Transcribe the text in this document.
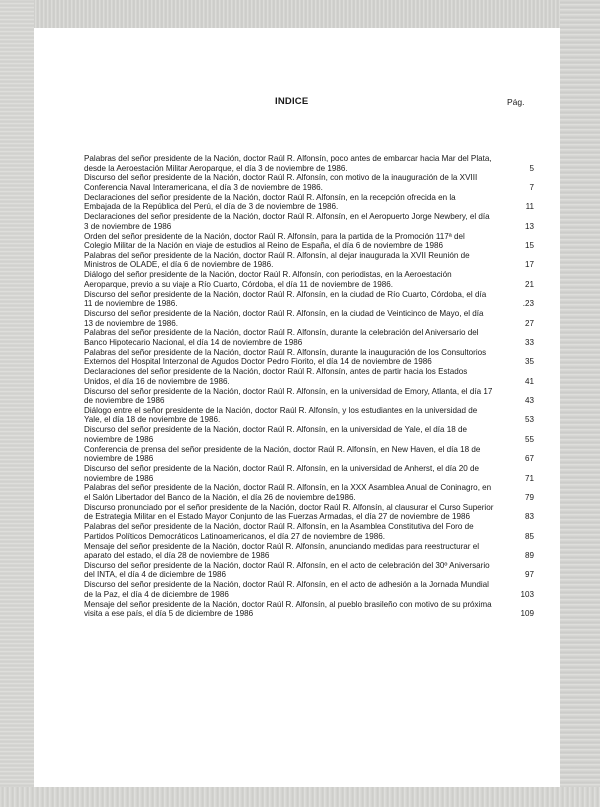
INDICE	Pág.
Palabras del señor presidente de la Nación, doctor Raúl R. Alfonsín, poco antes de embarcar hacia Mar del Plata, desde la Aeroestación Militar Aeroparque, el día 3 de noviembre de 1986.	5
Discurso del señor presidente de la Nación, doctor Raúl R. Alfonsín, con motivo de la inauguración de la XVIII Conferencia Naval Interamericana, el día 3 de noviembre de 1986.	7
Declaraciones del señor presidente de la Nación, doctor Raúl R. Alfonsín, en la recepción ofrecida en la Embajada de la República del Perú, el día de 3 de noviembre de 1986.	11
Declaraciones del señor presidente de la Nación, doctor Raúl R. Alfonsín, en el Aeropuerto Jorge Newbery, el día 3 de noviembre de 1986	13
Orden del señor presidente de la Nación, doctor Raúl R. Alfonsín, para la partida de la Promoción 117ª del Colegio Militar de la Nación en viaje de estudios al Reino de España, el día 6 de noviembre de 1986	15
Palabras del señor presidente de la Nación, doctor Raúl R. Alfonsín, al dejar inaugurada la XVII Reunión de Ministros de OLADE, el día 6 de noviembre de 1986.	17
Diálogo del señor presidente de la Nación, doctor Raúl R. Alfonsín, con periodistas, en la Aeroestación Aeroparque, previo a su viaje a Río Cuarto, Córdoba, el día 11 de noviembre de 1986.	21
Discurso del señor presidente de la Nación, doctor Raúl R. Alfonsín, en la ciudad de Río Cuarto, Córdoba, el día 11 de noviembre de 1986.	.23
Discurso del señor presidente de la Nación, doctor Raúl R. Alfonsín, en la ciudad de Veinticinco de Mayo, el día 13 de noviembre de 1986.	27
Palabras del señor presidente de la Nación, doctor Raúl R. Alfonsín, durante la celebración del Aniversario del Banco Hipotecario Nacional, el día 14 de noviembre de 1986	33
Palabras del señor presidente de la Nación, doctor Raúl R. Alfonsín, durante la inauguración de los Consultorios Externos del Hospital Interzonal de Agudos Doctor Pedro Fiorito, el día 14 de noviembre de 1986	35
Declaraciones del señor presidente de la Nación, doctor Raúl R. Alfonsín, antes de partir hacia los Estados Unidos, el día 16 de noviembre de 1986.	41
Discurso del señor presidente de la Nación, doctor Raúl R. Alfonsín, en la universidad de Emory, Atlanta, el día 17 de noviembre de 1986	43
Diálogo entre el señor presidente de la Nación, doctor Raúl R. Alfonsín, y los estudiantes en la universidad de Yale, el día 18 de noviembre de 1986.	53
Discurso del señor presidente de la Nación, doctor Raúl R. Alfonsín, en la universidad de Yale, el día 18 de noviembre de 1986	55
Conferencia de prensa del señor presidente de la Nación, doctor Raúl R. Alfonsín, en New Haven, el día 18 de noviembre de 1986	67
Discurso del señor presidente de la Nación, doctor Raúl R. Alfonsín, en la universidad de Anherst, el día 20 de noviembre de 1986	71
Palabras del señor presidente de la Nación, doctor Raúl R. Alfonsín, en la XXX Asamblea Anual de Coninagro, en el Salón Libertador del Banco de la Nación, el día 26 de noviembre de1986.	79
Discurso pronunciado por el señor presidente de la Nación, doctor Raúl R. Alfonsín, al clausurar el Curso Superior de Estrategia Militar en el Estado Mayor Conjunto de las Fuerzas Armadas, el día 27 de noviembre de 1986	83
Palabras del señor presidente de la Nación, doctor Raúl R. Alfonsín, en la Asamblea Constitutiva del Foro de Partidos Políticos Democráticos Latinoamericanos, el día 27 de noviembre de 1986.	85
Mensaje del señor presidente de la Nación, doctor Raúl R. Alfonsín, anunciando medidas para reestructurar el aparato del estado, el día 28 de noviembre de 1986	89
Discurso del señor presidente de la Nación, doctor Raúl R. Alfonsín, en el acto de celebración del 30º Aniversario del INTA, el día 4 de diciembre de 1986	97
Discurso del señor presidente de la Nación, doctor Raúl R. Alfonsín, en el acto de adhesión a la Jornada Mundial de la Paz, el día 4 de diciembre de 1986	103
Mensaje del señor presidente de la Nación, doctor Raúl R. Alfonsín, al pueblo brasileño con motivo de su próxima visita a ese país, el día 5 de diciembre de 1986	109
